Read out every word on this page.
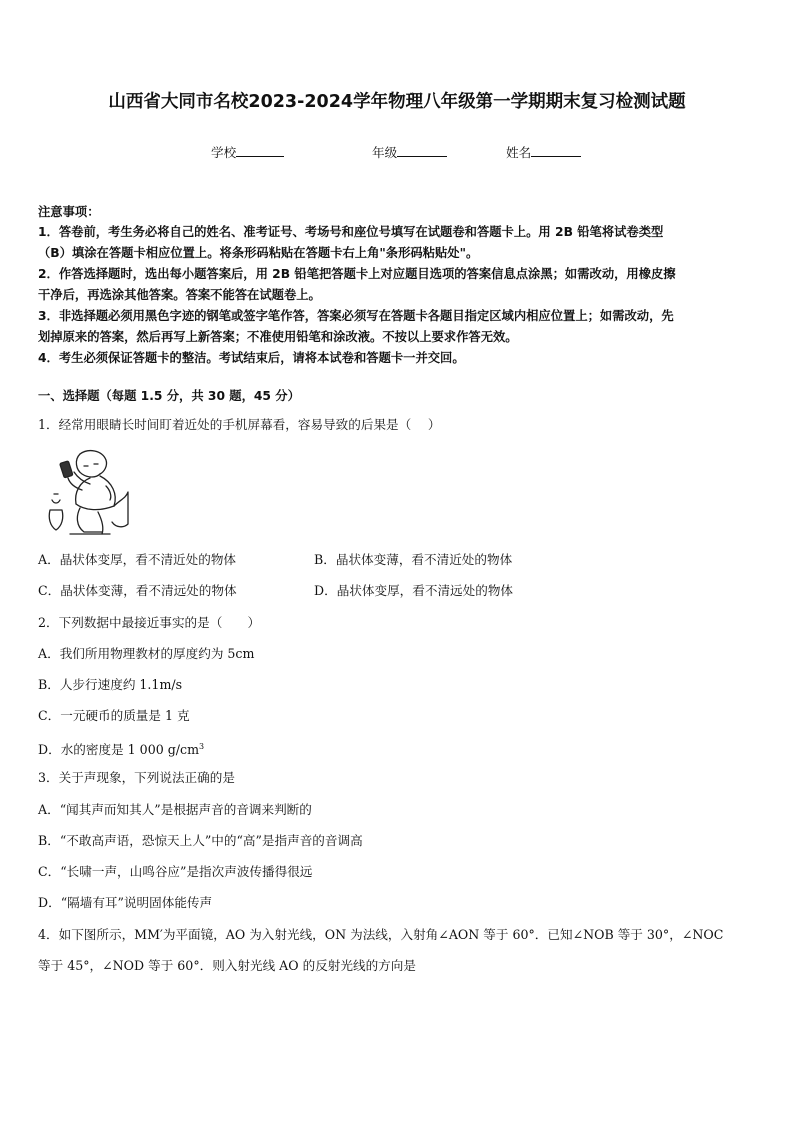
山西省大同市名校2023-2024学年物理八年级第一学期期末复习检测试题
学校	年级	姓名
注意事项：
1．答卷前，考生务必将自己的姓名、准考证号、考场号和座位号填写在试题卷和答题卡上。用 2B 铅笔将试卷类型
（B）填涂在答题卡相应位置上。将条形码粘贴在答题卡右上角"条形码粘贴处"。
2．作答选择题时，选出每小题答案后，用 2B 铅笔把答题卡上对应题目选项的答案信息点涂黑；如需改动，用橡皮擦
干净后，再选涂其他答案。答案不能答在试题卷上。
3．非选择题必须用黑色字迹的钢笔或签字笔作答，答案必须写在答题卡各题目指定区域内相应位置上；如需改动，先
划掉原来的答案，然后再写上新答案；不准使用铅笔和涂改液。不按以上要求作答无效。
4．考生必须保证答题卡的整洁。考试结束后，请将本试卷和答题卡一并交回。
一、选择题（每题 1.5 分，共 30 题，45 分）
1．经常用眼睛长时间盯着近处的手机屏幕看，容易导致的后果是（　 ）
A．晶状体变厚，看不清近处的物体	B．晶状体变薄，看不清近处的物体
C．晶状体变薄，看不清远处的物体	D．晶状体变厚，看不清远处的物体
2．下列数据中最接近事实的是（　　）
A．我们所用物理教材的厚度约为 5cm
B．人步行速度约 1.1m/s
C．一元硬币的质量是 1 克
D．水的密度是 1 000 $g/cm^3$
3．关于声现象，下列说法正确的是
A．“闻其声而知其人”是根据声音的音调来判断的
B．“不敢高声语，恐惊天上人”中的“高”是指声音的音调高
C．“长啸一声，山鸣谷应”是指次声波传播得很远
D．“隔墙有耳”说明固体能传声
4．如下图所示，MM′为平面镜，AO 为入射光线，ON 为法线，入射角∠AON 等于 60°．已知∠NOB 等于 30°，∠NOC
等于 45°，∠NOD 等于 60°．则入射光线 AO 的反射光线的方向是
